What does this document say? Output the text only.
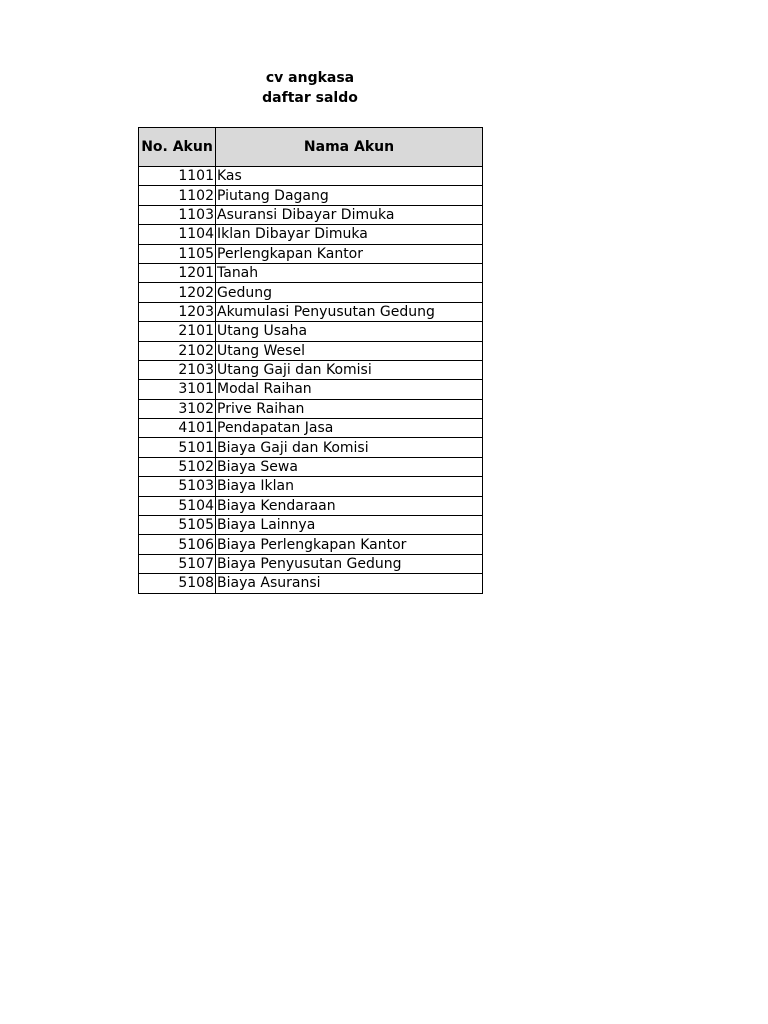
cv angkasa
daftar saldo
No. Akun	Nama Akun
1101	Kas
1102	Piutang Dagang
1103	Asuransi Dibayar Dimuka
1104	Iklan Dibayar Dimuka
1105	Perlengkapan Kantor
1201	Tanah
1202	Gedung
1203	Akumulasi Penyusutan Gedung
2101	Utang Usaha
2102	Utang Wesel
2103	Utang Gaji dan Komisi
3101	Modal Raihan
3102	Prive Raihan
4101	Pendapatan Jasa
5101	Biaya Gaji dan Komisi
5102	Biaya Sewa
5103	Biaya Iklan
5104	Biaya Kendaraan
5105	Biaya Lainnya
5106	Biaya Perlengkapan Kantor
5107	Biaya Penyusutan Gedung
5108	Biaya Asuransi
